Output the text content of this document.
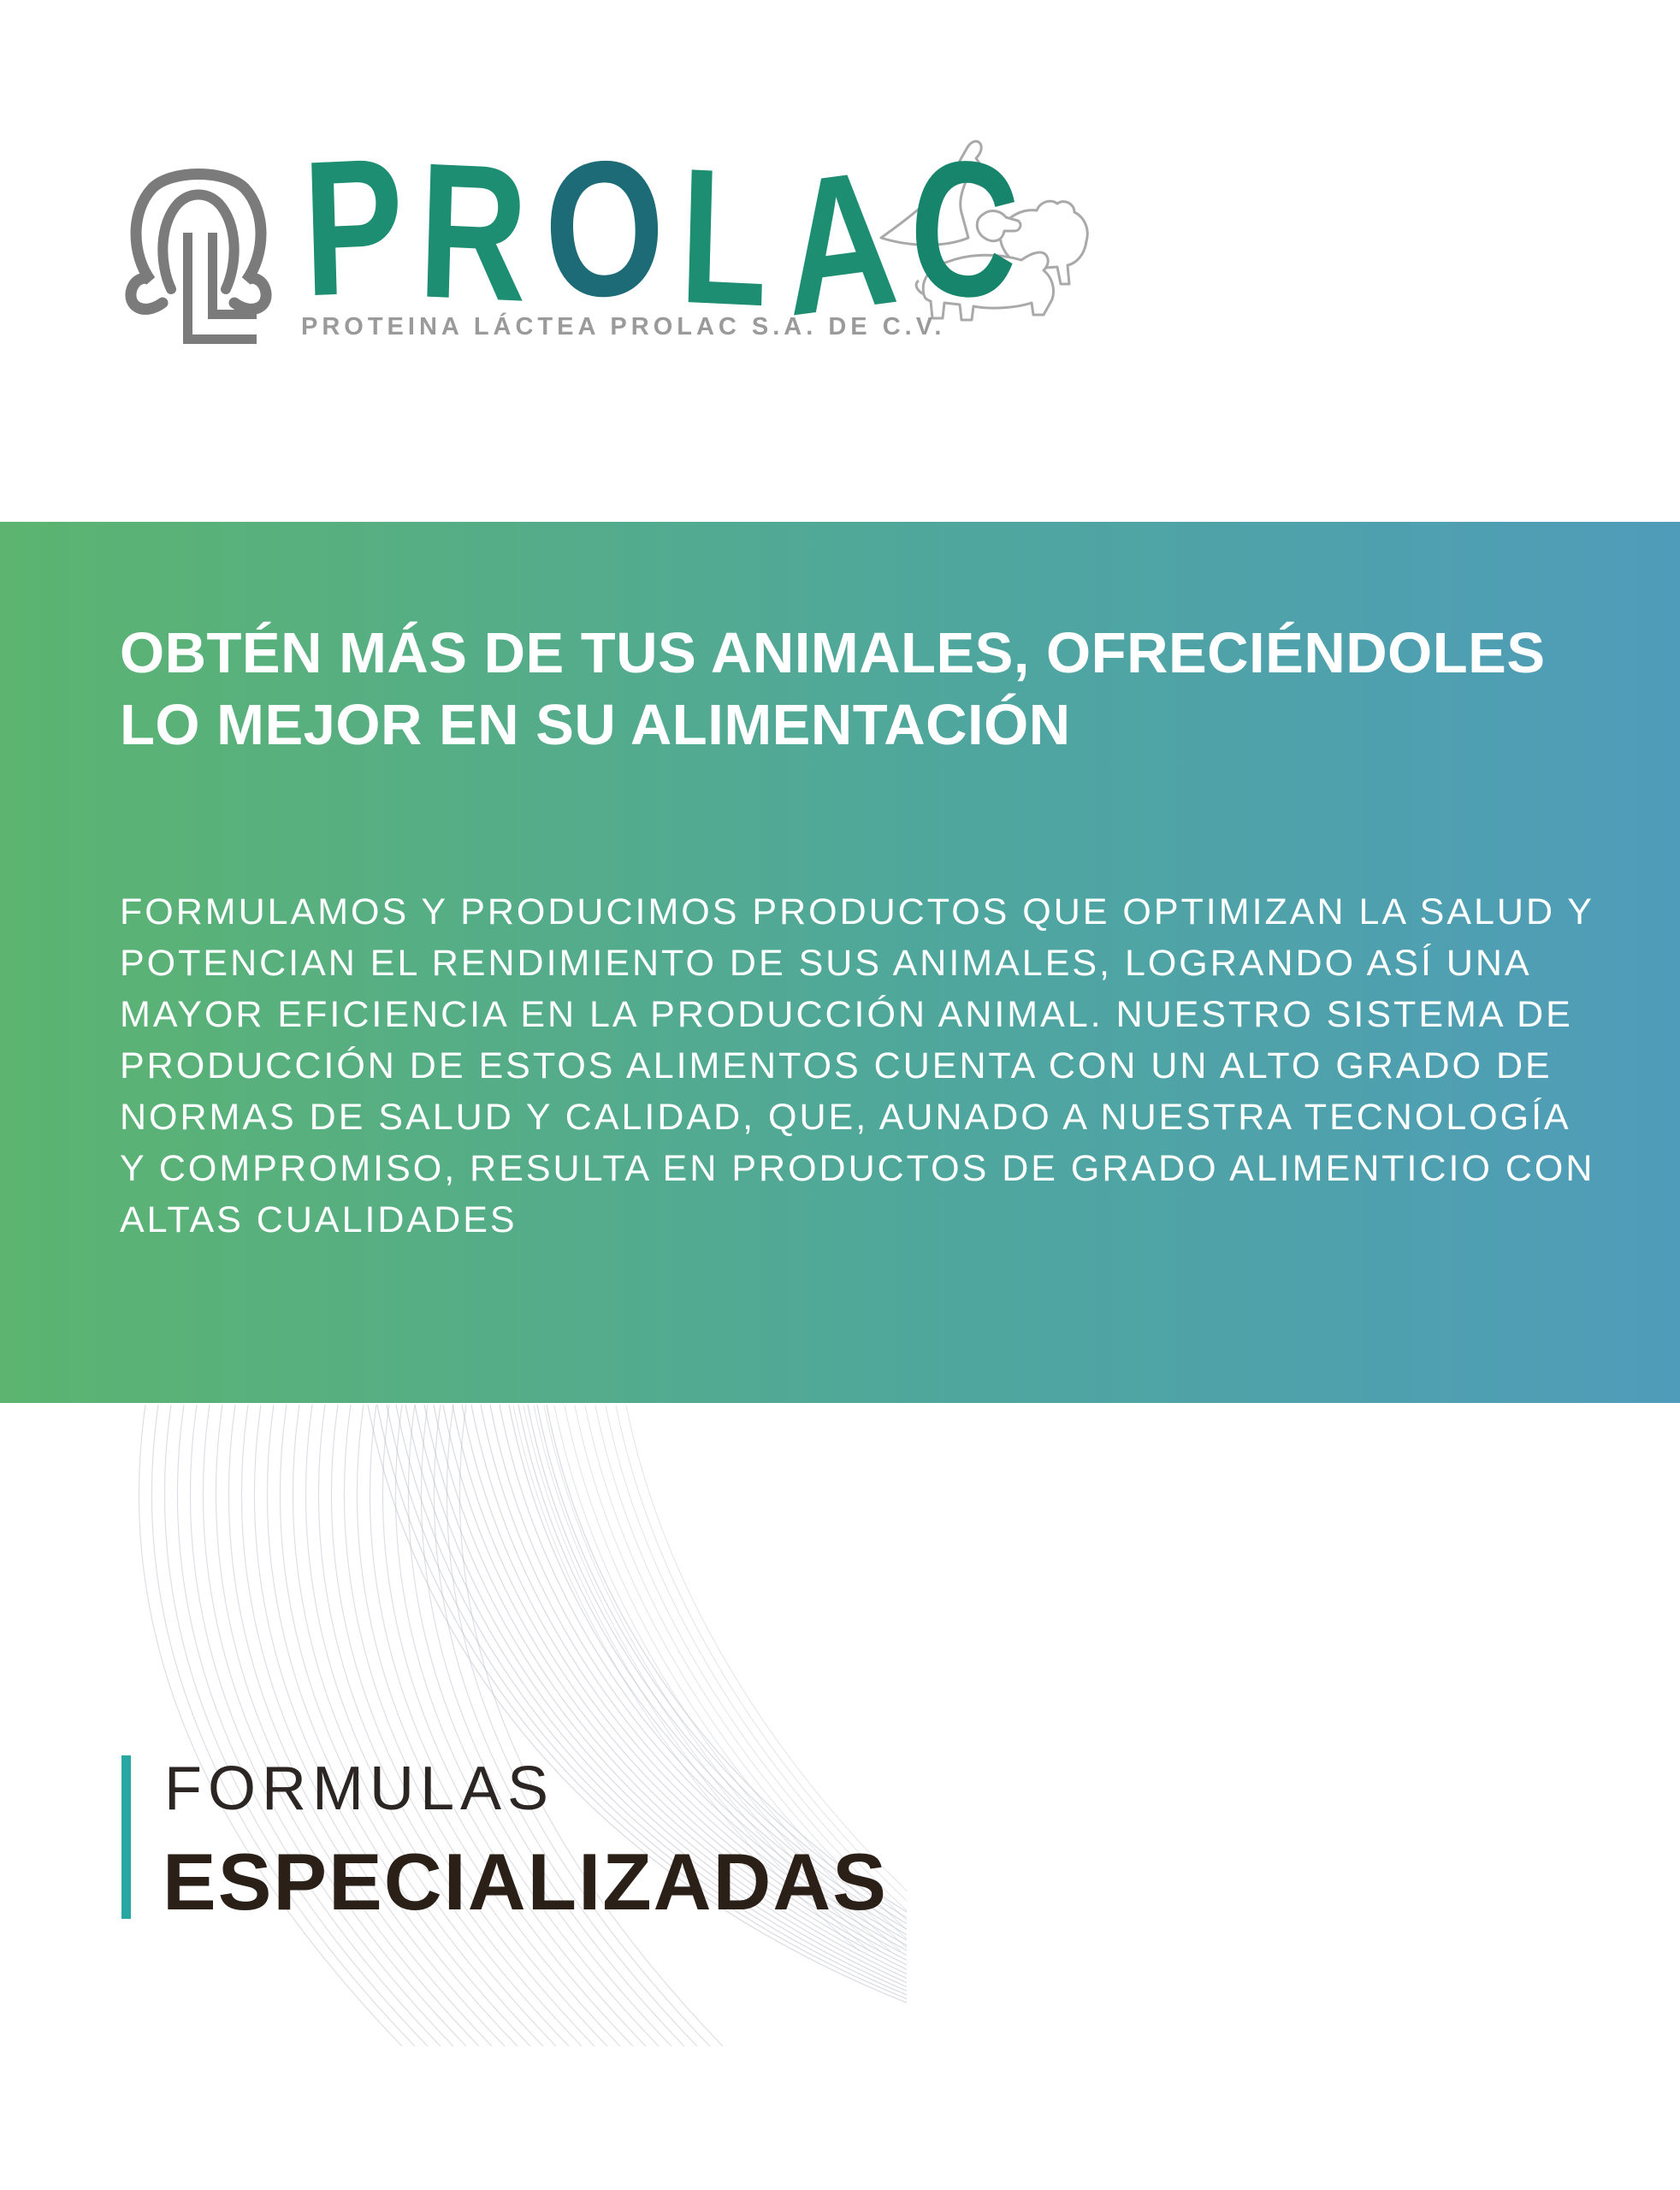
PROLAC
PROTEINA LÁCTEA PROLAC S.A. DE C.V.
OBTÉN MÁS DE TUS ANIMALES, OFRECIÉNDOLES
LO MEJOR EN SU ALIMENTACIÓN
FORMULAMOS Y PRODUCIMOS PRODUCTOS QUE OPTIMIZAN LA SALUD Y
POTENCIAN EL RENDIMIENTO DE SUS ANIMALES, LOGRANDO ASÍ UNA
MAYOR EFICIENCIA EN LA PRODUCCIÓN ANIMAL. NUESTRO SISTEMA DE
PRODUCCIÓN DE ESTOS ALIMENTOS CUENTA CON UN ALTO GRADO DE
NORMAS DE SALUD Y CALIDAD, QUE, AUNADO A NUESTRA TECNOLOGÍA
Y COMPROMISO, RESULTA EN PRODUCTOS DE GRADO ALIMENTICIO CON
ALTAS CUALIDADES
FORMULAS
ESPECIALIZADAS
